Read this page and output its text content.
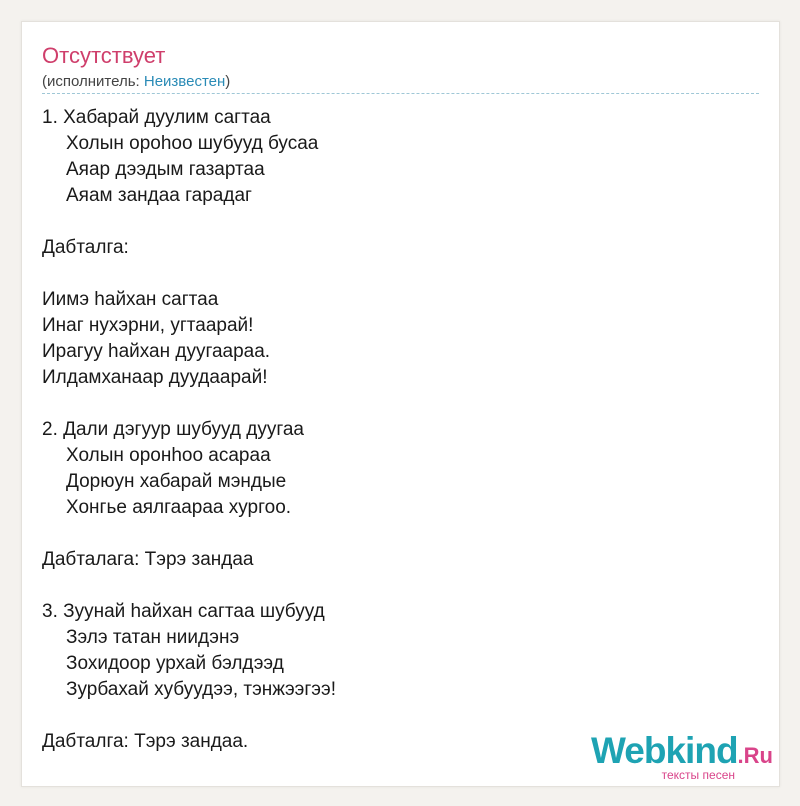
Отсутствует
(исполнитель: Неизвестен)
1. Хабарай дуулим сагтаа
Холын орohoo шубууд бусаа
Аяар дээдым газартаа
Аяам зандаа гарадаг
Дабталга:
Иимэ hайхан сагтаа
Инаг нухэрни, угтаарай!
Ирагуу hайхан дуугаараа.
Илдамханаар дуудаарай!
2. Дали дэгуур шубууд дуугаа
Холын оронhoo асараа
Дорюун хабарай мэндые
Хонгье аялгаараа хургоо.
Дабталага: Тэрэ зандаа
3. Зуунай hайхан сагтаа шубууд
Зэлэ татан ниидэнэ
Зохидоор урхай бэлдээд
Зурбахай хубуудээ, тэнжээгээ!
Дабталга: Тэрэ зандаа.	Webkind.Ru
тексты песен
